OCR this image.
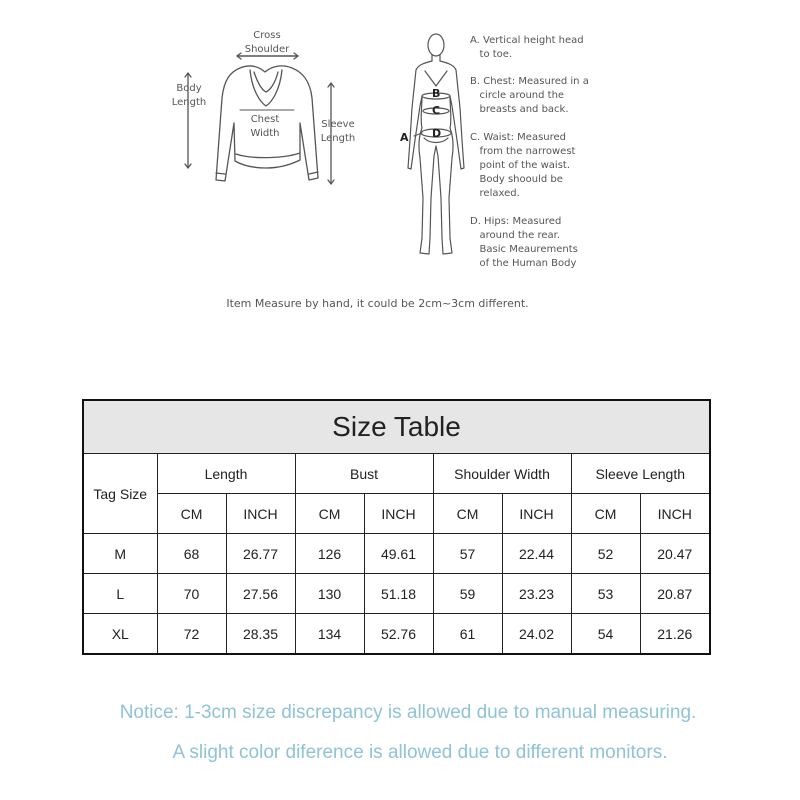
Cross
Shoulder
Body
Length
Chest
Width
Sleeve
Length	A
B
C
D
A. Vertical height head
to toe.
B. Chest: Measured in a
circle around the
breasts and back.
C. Waist: Measured
from the narrowest
point of the waist.
Body shoould be
relaxed.
D. Hips: Measured
around the rear.
Basic Meaurements
of the Human Body
Item Measure by hand, it could be 2cm~3cm different.
Size Table								
Tag Size	Length		Bust		Shoulder Width		Sleeve Length	
	CM	INCH	CM	INCH	CM	INCH	CM	INCH
M	68	26.77	126	49.61	57	22.44	52	20.47
L	70	27.56	130	51.18	59	23.23	53	20.87
XL	72	28.35	134	52.76	61	24.02	54	21.26
Notice: 1-3cm size discrepancy is allowed due to manual measuring.
A slight color diference is allowed due to different monitors.
